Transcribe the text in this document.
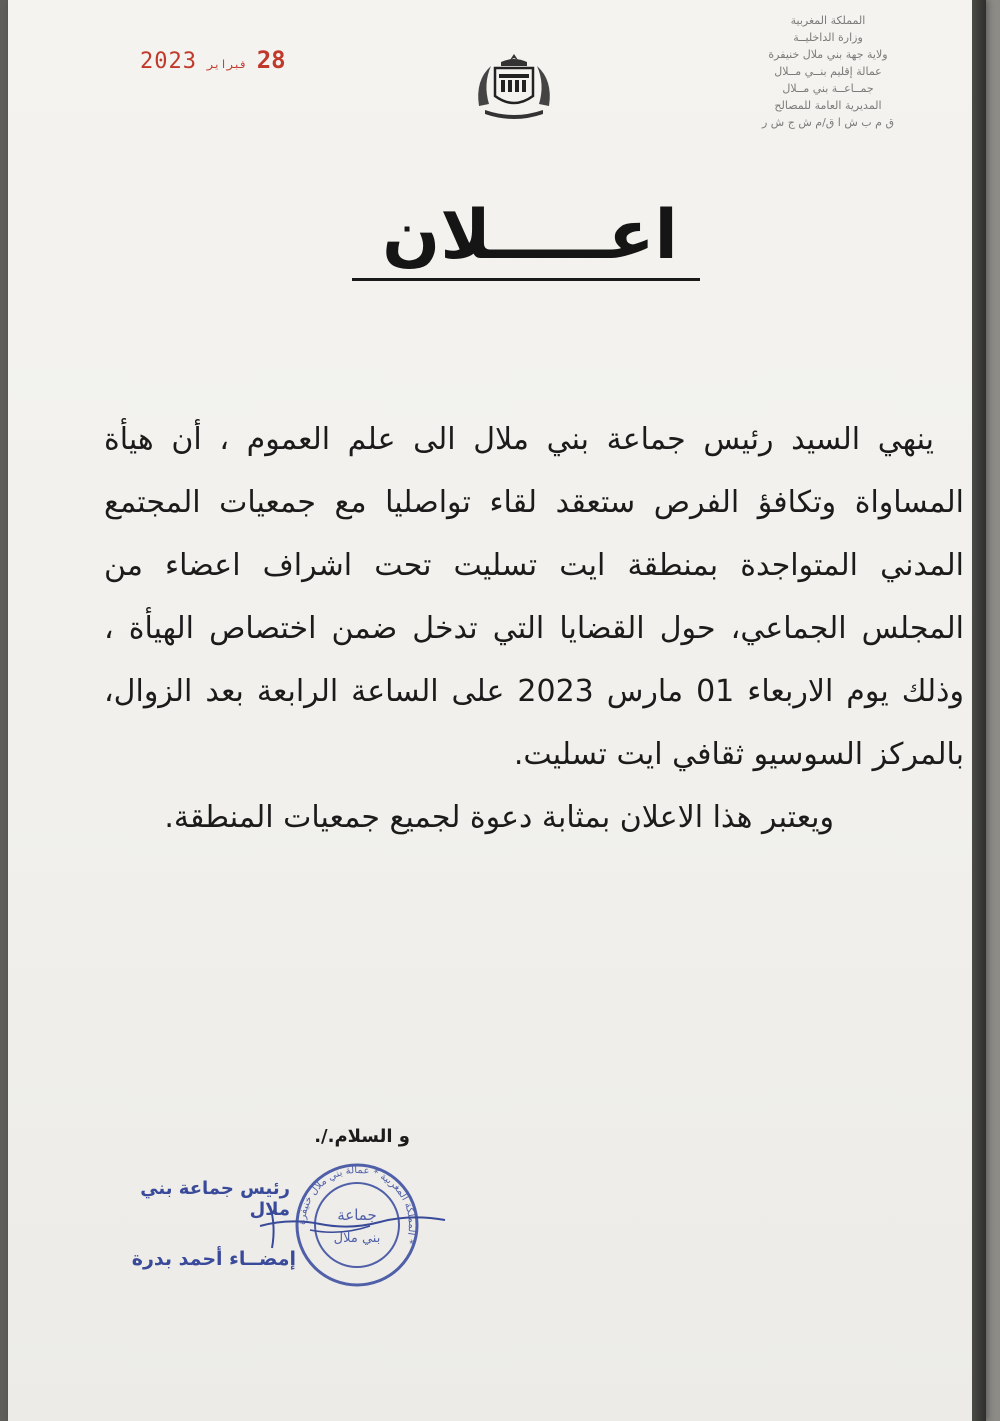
المملكة المغربية
وزارة الداخليــة
ولاية جهة بني ملال خنيفرة
عمالة إقليم بنــي مــلال
جمــاعــة بني مــلال
المديرية العامة للمصالح
ق م ب ش ا ق/م ش ج ش ر
2023 فبراير 28
اعـــــلان

ينهي السيد رئيس جماعة بني ملال الى علم العموم ، أن هيأة المساواة وتكافؤ الفرص ستعقد لقاء تواصليا مع جمعيات المجتمع المدني المتواجدة بمنطقة ايت تسليت تحت اشراف اعضاء من المجلس الجماعي، حول القضايا التي تدخل ضمن اختصاص الهيأة ، وذلك يوم الاربعاء 01 مارس 2023 على الساعة الرابعة بعد الزوال، بالمركز السوسيو ثقافي ايت تسليت.

ويعتبر هذا الاعلان بمثابة دعوة لجميع جمعيات المنطقة.

و السلام./.
رئيس جماعة بني ملال
إمضــاء أحمد بدرة
المملكة المغربية * عمالة بني ملال خنيفرة *
جماعة
بني ملال
